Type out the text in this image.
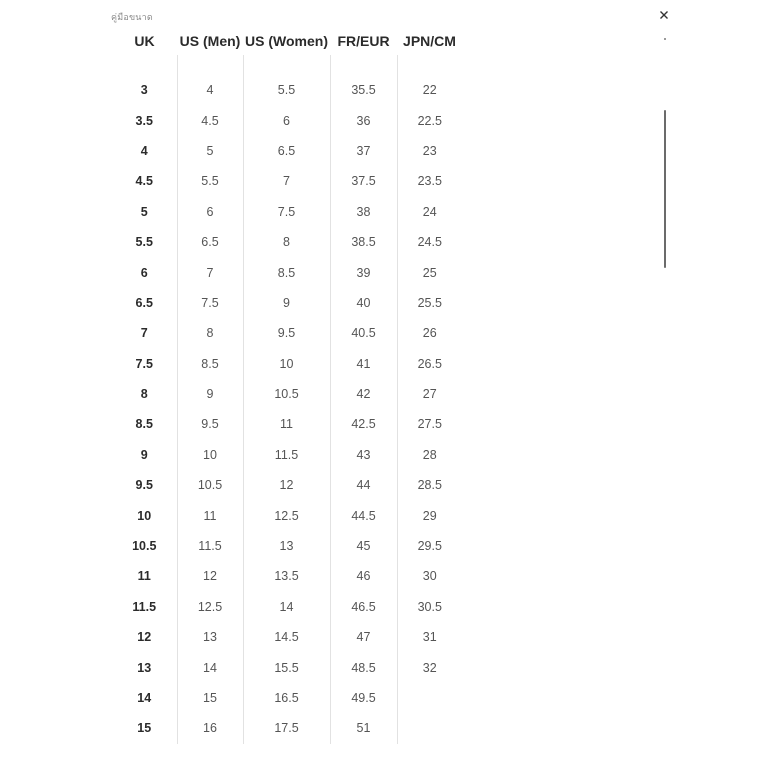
คู่มือขนาด
UK	US (Men)	US (Women)	FR/EUR	JPN/CM

3	4	5.5	35.5	22
3.5	4.5	6	36	22.5
4	5	6.5	37	23
4.5	5.5	7	37.5	23.5
5	6	7.5	38	24
5.5	6.5	8	38.5	24.5
6	7	8.5	39	25
6.5	7.5	9	40	25.5
7	8	9.5	40.5	26
7.5	8.5	10	41	26.5
8	9	10.5	42	27
8.5	9.5	11	42.5	27.5
9	10	11.5	43	28
9.5	10.5	12	44	28.5
10	11	12.5	44.5	29
10.5	11.5	13	45	29.5
11	12	13.5	46	30
11.5	12.5	14	46.5	30.5
12	13	14.5	47	31
13	14	15.5	48.5	32
14	15	16.5	49.5	
15	16	17.5	51	
